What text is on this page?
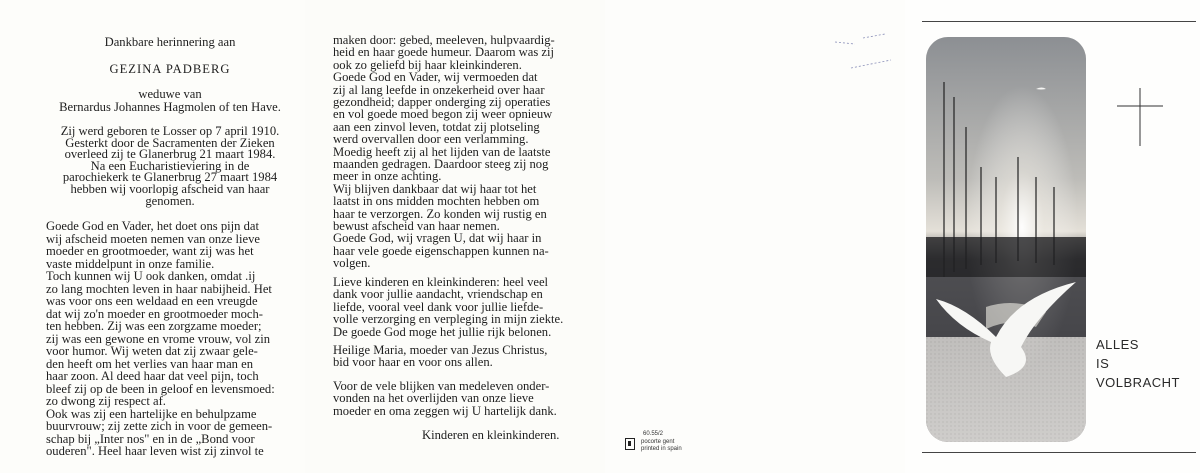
Dankbare herinnering aan
GEZINA PADBERG
weduwe van
Bernardus Johannes Hagmolen of ten Have.
Zij werd geboren te Losser op 7 april 1910.
Gesterkt door de Sacramenten der Zieken
overleed zij te Glanerbrug 21 maart 1984.
Na een Eucharistieviering in de
parochiekerk te Glanerbrug 27 maart 1984
hebben wij voorlopig afscheid van haar
genomen.
Goede God en Vader, het doet ons pijn dat
wij afscheid moeten nemen van onze lieve
moeder en grootmoeder, want zij was het
vaste middelpunt in onze familie.
Toch kunnen wij U ook danken, omdat .ij
zo lang mochten leven in haar nabijheid. Het
was voor ons een weldaad en een vreugde
dat wij zo'n moeder en grootmoeder moch-
ten hebben. Zij was een zorgzame moeder;
zij was een gewone en vrome vrouw, vol zin
voor humor. Wij weten dat zij zwaar gele-
den heeft om het verlies van haar man en
haar zoon. Al deed haar dat veel pijn, toch
bleef zij op de been in geloof en levensmoed:
zo dwong zij respect af.
Ook was zij een hartelijke en behulpzame
buurvrouw; zij zette zich in voor de gemeen-
schap bij „Inter nos" en in de „Bond voor
ouderen". Heel haar leven wist zij zinvol te
maken door: gebed, meeleven, hulpvaardig-
heid en haar goede humeur. Daarom was zij
ook zo geliefd bij haar kleinkinderen.
Goede God en Vader, wij vermoeden dat
zij al lang leefde in onzekerheid over haar
gezondheid; dapper onderging zij operaties
en vol goede moed begon zij weer opnieuw
aan een zinvol leven, totdat zij plotseling
werd overvallen door een verlamming.
Moedig heeft zij al het lijden van de laatste
maanden gedragen. Daardoor steeg zij nog
meer in onze achting.
Wij blijven dankbaar dat wij haar tot het
laatst in ons midden mochten hebben om
haar te verzorgen. Zo konden wij rustig en
bewust afscheid van haar nemen.
Goede God, wij vragen U, dat wij haar in
haar vele goede eigenschappen kunnen na-
volgen.
Lieve kinderen en kleinkinderen: heel veel
dank voor jullie aandacht, vriendschap en
liefde, vooral veel dank voor jullie liefde-
volle verzorging en verpleging in mijn ziekte.
De goede God moge het jullie rijk belonen.
Heilige Maria, moeder van Jezus Christus,
bid voor haar en voor ons allen.
Voor de vele blijken van medeleven onder-
vonden na het overlijden van onze lieve
moeder en oma zeggen wij U hartelijk dank.
Kinderen en kleinkinderen.	60.55/2
pocorte gent
printed in spain
ALLES
IS
VOLBRACHT
